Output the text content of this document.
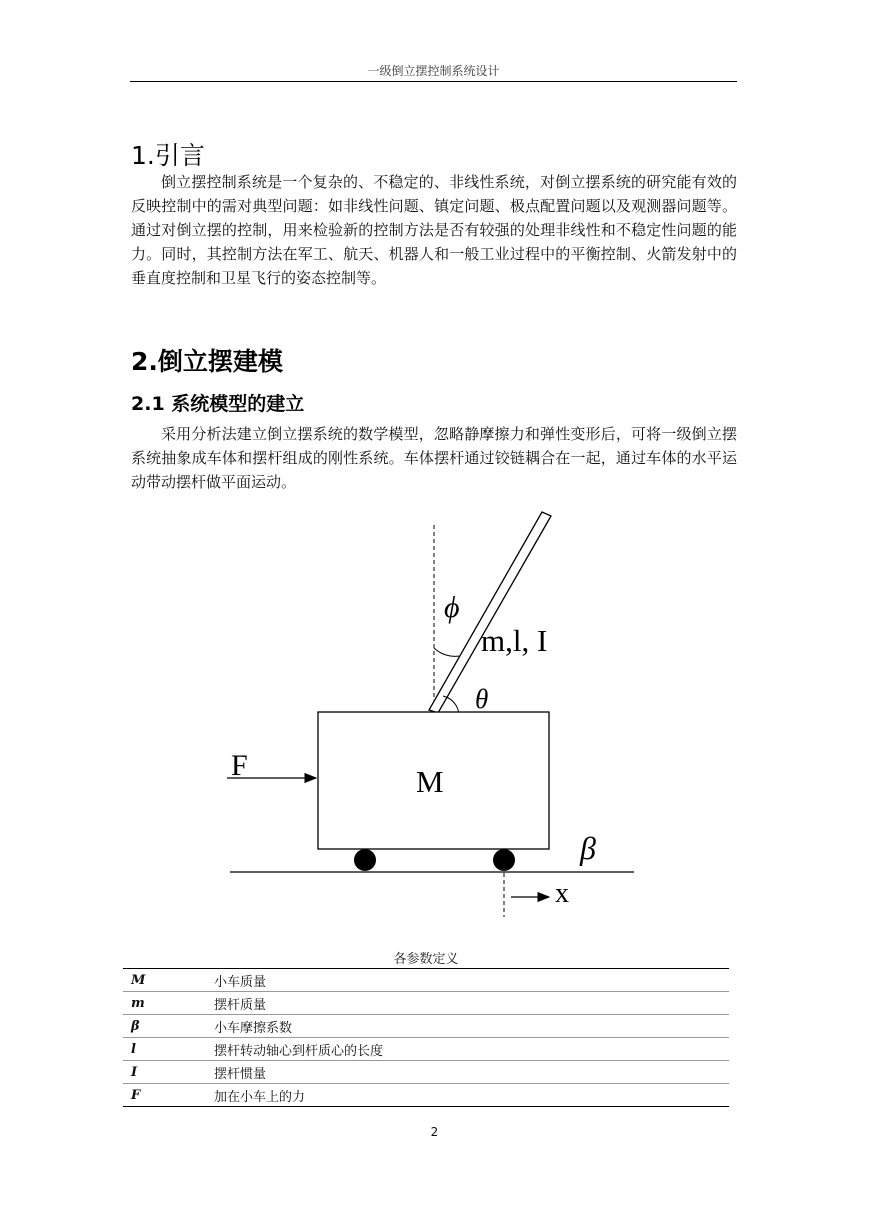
一级倒立摆控制系统设计
1.引言
倒立摆控制系统是一个复杂的、不稳定的、非线性系统，对倒立摆系统的研究能有效的反映控制中的需对典型问题：如非线性问题、镇定问题、极点配置问题以及观测器问题等。通过对倒立摆的控制，用来检验新的控制方法是否有较强的处理非线性和不稳定性问题的能力。同时，其控制方法在军工、航天、机器人和一般工业过程中的平衡控制、火箭发射中的垂直度控制和卫星飞行的姿态控制等。
2.倒立摆建模
2.1 系统模型的建立
采用分析法建立倒立摆系统的数学模型，忽略静摩擦力和弹性变形后，可将一级倒立摆系统抽象成车体和摆杆组成的刚性系统。车体摆杆通过铰链耦合在一起，通过车体的水平运动带动摆杆做平面运动。
ϕ
m,l, I
θ
F	M
β
x
各参数定义
M	小车质量
m	摆杆质量
β	小车摩擦系数
l	摆杆转动轴心到杆质心的长度
I	摆杆惯量
F	加在小车上的力
2
